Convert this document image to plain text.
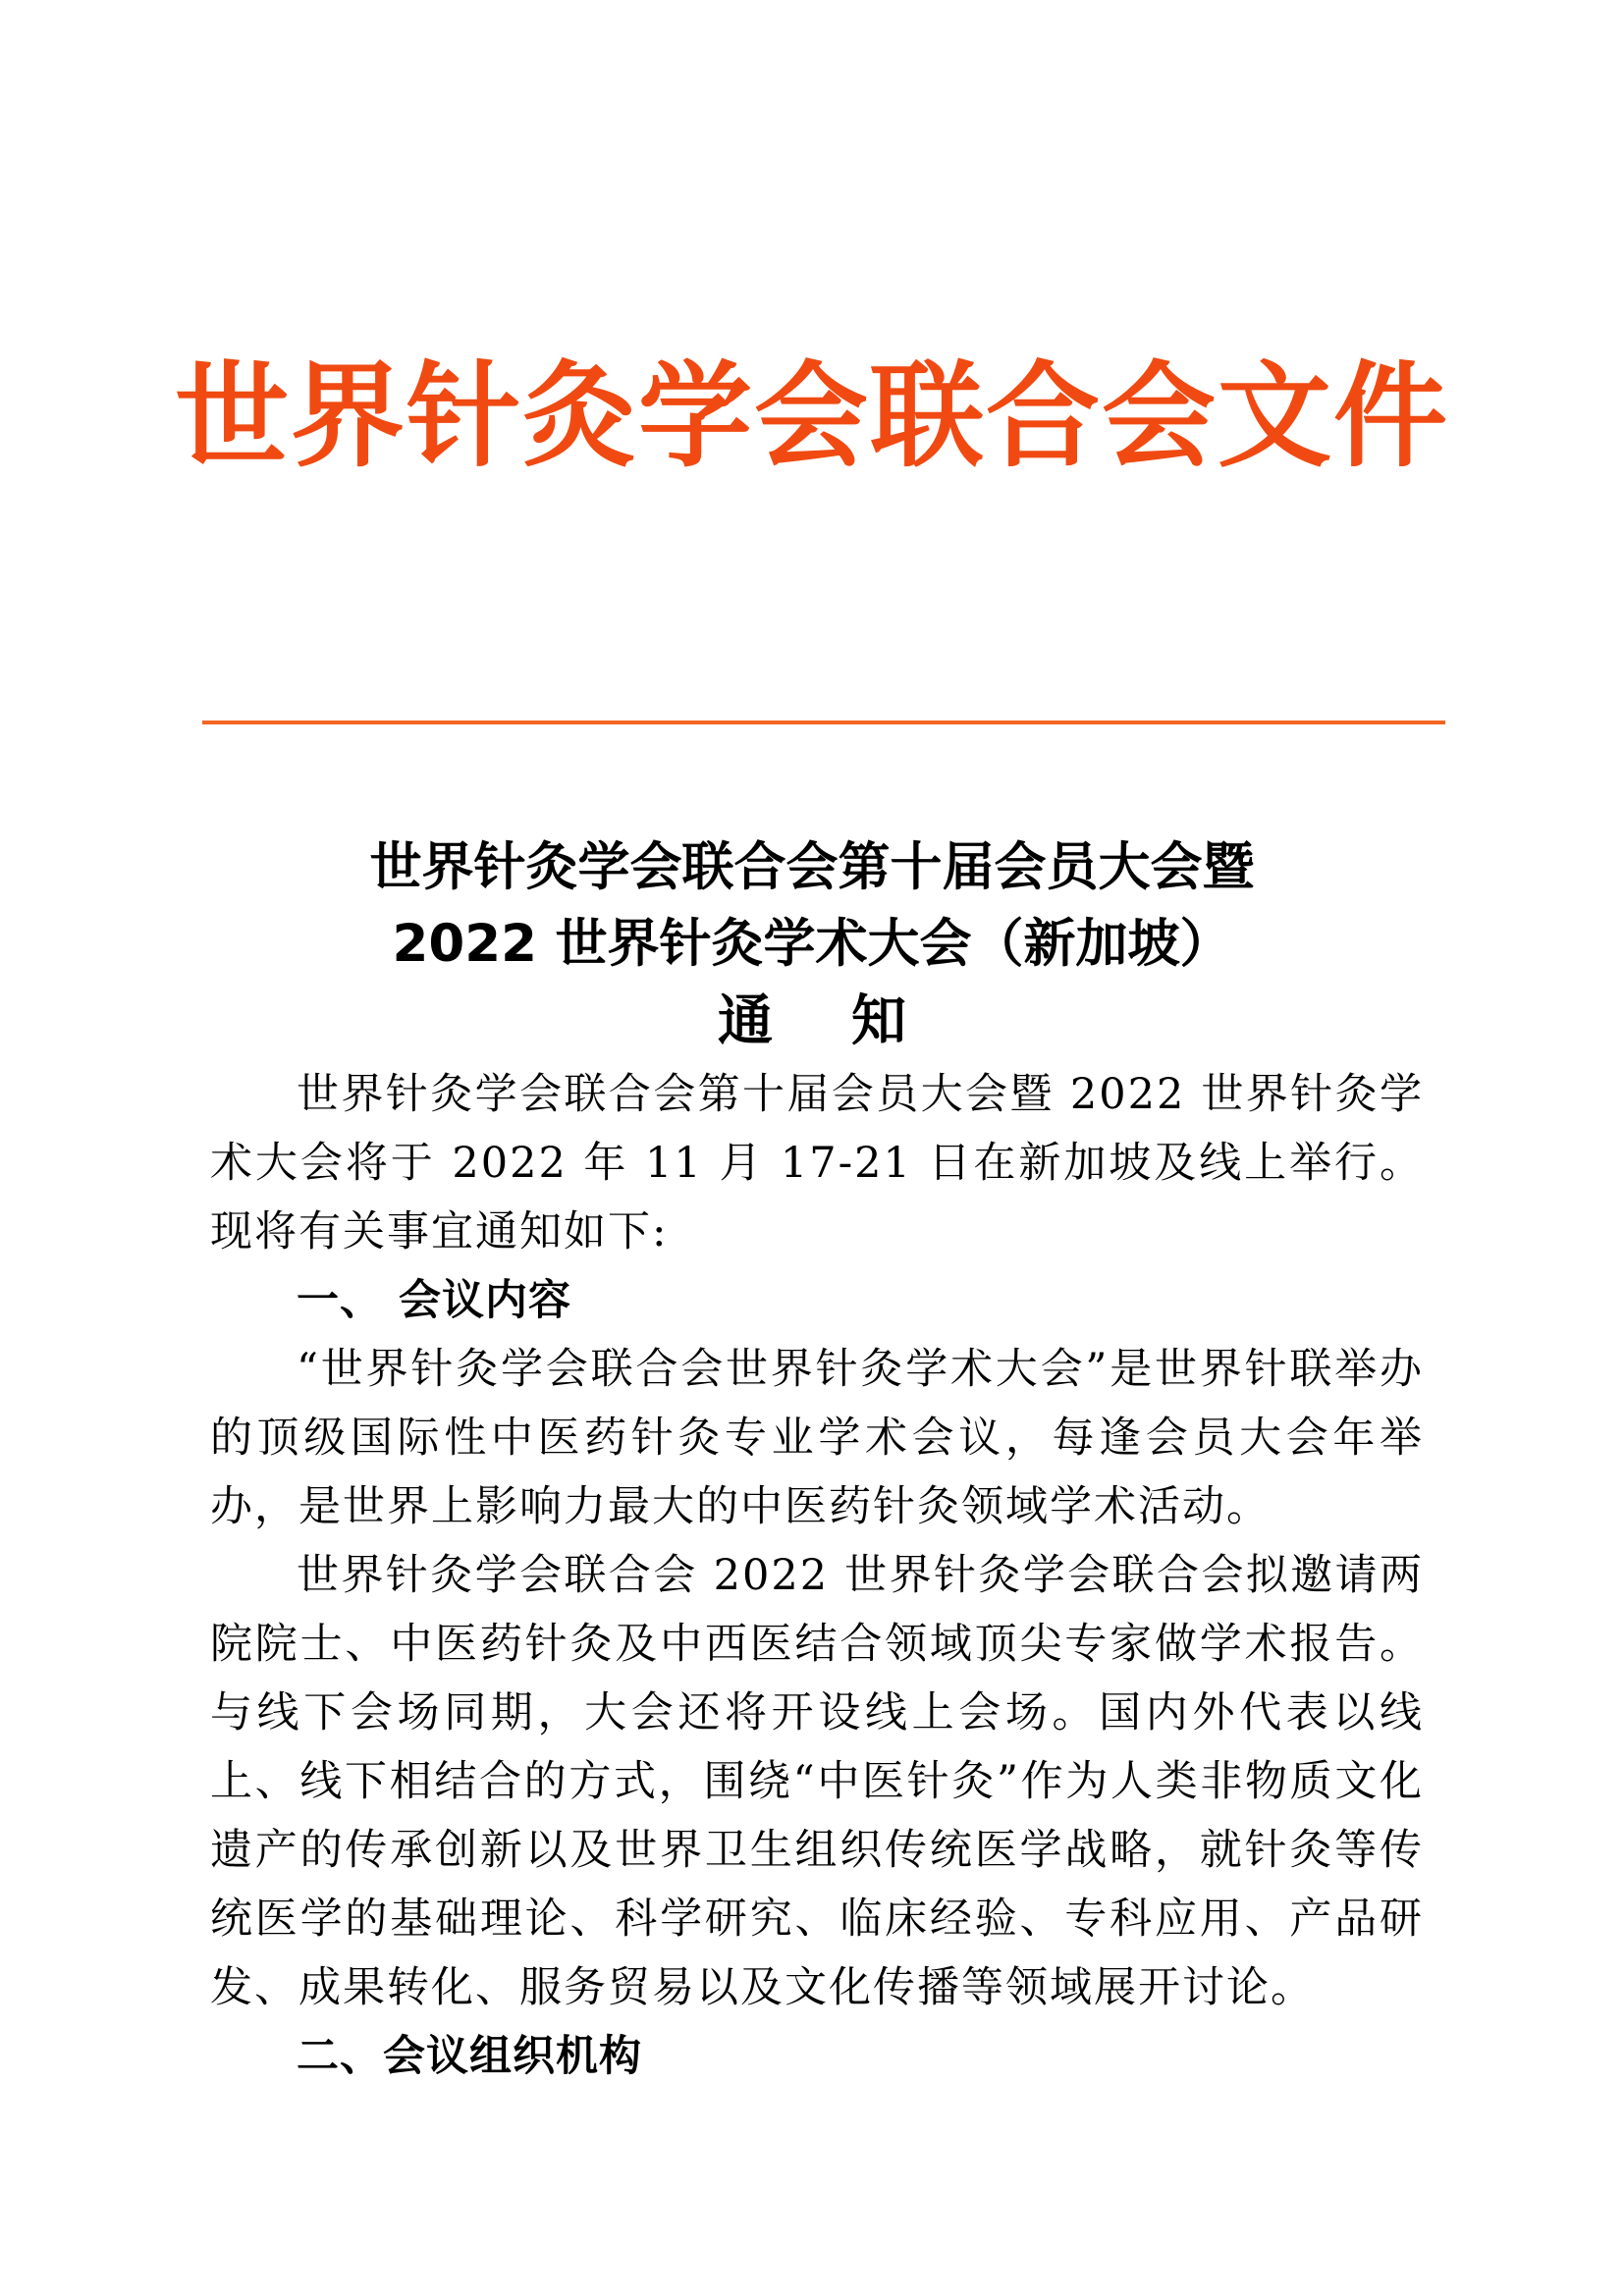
世界针灸学会联合会文件
世界针灸学会联合会第十届会员大会暨
2022 世界针灸学术大会（新加坡）
通知

世界针灸学会联合会第十届会员大会暨 2022 世界针灸学术大会将于 2022 年 11 月 17-21 日在新加坡及线上举行。现将有关事宜通知如下:

一、 会议内容

“世界针灸学会联合会世界针灸学术大会”是世界针联举办的顶级国际性中医药针灸专业学术会议，每逢会员大会年举办，是世界上影响力最大的中医药针灸领域学术活动。

世界针灸学会联合会 2022 世界针灸学会联合会拟邀请两院院士、中医药针灸及中西医结合领域顶尖专家做学术报告。与线下会场同期，大会还将开设线上会场。国内外代表以线上、线下相结合的方式，围绕“中医针灸”作为人类非物质文化遗产的传承创新以及世界卫生组织传统医学战略，就针灸等传统医学的基础理论、科学研究、临床经验、专科应用、产品研发、成果转化、服务贸易以及文化传播等领域展开讨论。

二、会议组织机构
